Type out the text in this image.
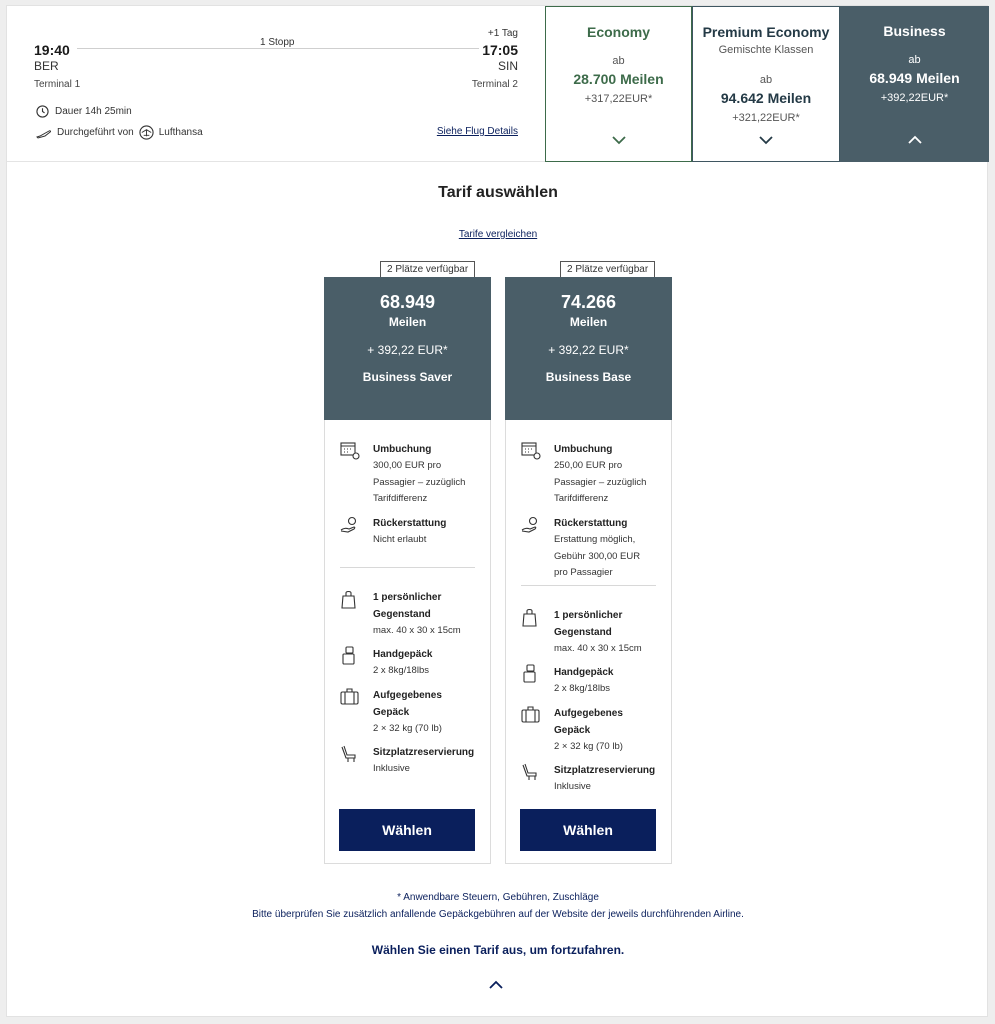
19:40
BER
Terminal 1
1 Stopp
+1 Tag
17:05
SIN
Terminal 2
Dauer 14h 25min
Durchgeführt von	Lufthansa	Siehe Flug Details
Economy
ab
28.700 Meilen
+317,22EUR*
Premium Economy
Gemischte Klassen
ab
94.642 Meilen
+321,22EUR*
Business
ab
68.949 Meilen
+392,22EUR*
Tarif auswählen
Tarife vergleichen
2 Plätze verfügbar
68.949
Meilen
+ 392,22 EUR*
Business Saver
Umbuchung
300,00 EUR pro
Passagier – zuzüglich
Tarifdifferenz
Rückerstattung
Nicht erlaubt
1 persönlicher
Gegenstand
max. 40 x 30 x 15cm
Handgepäck
2 x 8kg/18lbs
Aufgegebenes
Gepäck
2 × 32 kg (70 lb)
Sitzplatzreservierung
Inklusive
Wählen
2 Plätze verfügbar
74.266
Meilen
+ 392,22 EUR*
Business Base
Umbuchung
250,00 EUR pro
Passagier – zuzüglich
Tarifdifferenz
Rückerstattung
Erstattung möglich,
Gebühr 300,00 EUR
pro Passagier
1 persönlicher
Gegenstand
max. 40 x 30 x 15cm
Handgepäck
2 x 8kg/18lbs
Aufgegebenes
Gepäck
2 × 32 kg (70 lb)
Sitzplatzreservierung
Inklusive
Wählen
* Anwendbare Steuern, Gebühren, Zuschläge
Bitte überprüfen Sie zusätzlich anfallende Gepäckgebühren auf der Website der jeweils durchführenden Airline.
Wählen Sie einen Tarif aus, um fortzufahren.
